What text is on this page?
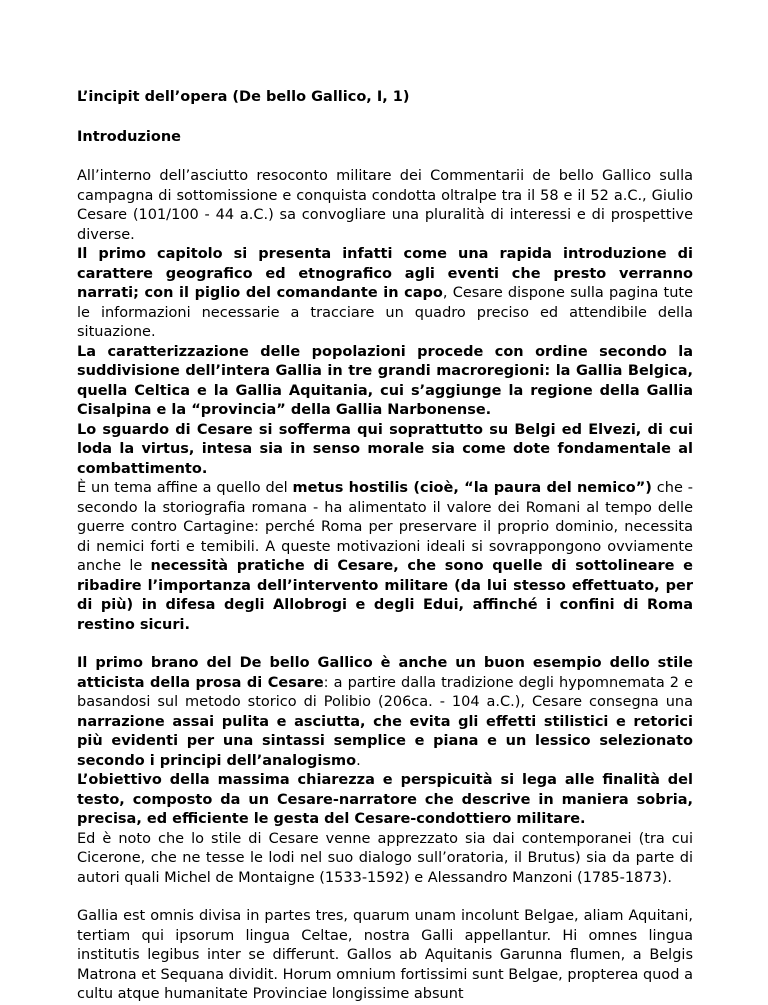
L’incipit dell’opera (De bello Gallico, I, 1)
Introduzione

All’interno dell’asciutto resoconto militare dei Commentarii de bello Gallico sulla campagna di sottomissione e conquista condotta oltralpe tra il 58 e il 52 a.C., Giulio Cesare (101/100 - 44 a.C.) sa convogliare una pluralità di interessi e di prospettive diverse.

Il primo capitolo si presenta infatti come una rapida introduzione di carattere geografico ed etnografico agli eventi che presto verranno narrati; con il piglio del comandante in capo, Cesare dispone sulla pagina tute le informazioni necessarie a tracciare un quadro preciso ed attendibile della situazione.

La caratterizzazione delle popolazioni procede con ordine secondo la suddivisione dell’intera Gallia in tre grandi macroregioni: la Gallia Belgica, quella Celtica e la Gallia Aquitania, cui s’aggiunge la regione della Gallia Cisalpina e la “provincia” della Gallia Narbonense.

Lo sguardo di Cesare si sofferma qui soprattutto su Belgi ed Elvezi, di cui loda la virtus, intesa sia in senso morale sia come dote fondamentale al combattimento.

È un tema affine a quello del metus hostilis (cioè, “la paura del nemico”) che - secondo la storiografia romana - ha alimentato il valore dei Romani al tempo delle guerre contro Cartagine: perché Roma per preservare il proprio dominio, necessita di nemici forti e temibili. A queste motivazioni ideali si sovrappongono ovviamente anche le necessità pratiche di Cesare, che sono quelle di sottolineare e ribadire l’importanza dell’intervento militare (da lui stesso effettuato, per di più) in difesa degli Allobrogi e degli Edui, affinché i confini di Roma restino sicuri.

Il primo brano del De bello Gallico è anche un buon esempio dello stile atticista della prosa di Cesare: a partire dalla tradizione degli hypomnemata 2 e basandosi sul metodo storico di Polibio (206ca. - 104 a.C.), Cesare consegna una narrazione assai pulita e asciutta, che evita gli effetti stilistici e retorici più evidenti per una sintassi semplice e piana e un lessico selezionato secondo i principi dell’analogismo.

L’obiettivo della massima chiarezza e perspicuità si lega alle finalità del testo, composto da un Cesare-narratore che descrive in maniera sobria, precisa, ed efficiente le gesta del Cesare-condottiero militare.

Ed è noto che lo stile di Cesare venne apprezzato sia dai contemporanei (tra cui Cicerone, che ne tesse le lodi nel suo dialogo sull’oratoria, il Brutus) sia da parte di autori quali Michel de Montaigne (1533-1592) e Alessandro Manzoni (1785-1873).

Gallia est omnis divisa in partes tres, quarum unam incolunt Belgae, aliam Aquitani, tertiam qui ipsorum lingua Celtae, nostra Galli appellantur. Hi omnes lingua institutis legibus inter se differunt. Gallos ab Aquitanis Garunna flumen, a Belgis Matrona et Sequana dividit. Horum omnium fortissimi sunt Belgae, propterea quod a cultu atque humanitate Provinciae longissime absunt
